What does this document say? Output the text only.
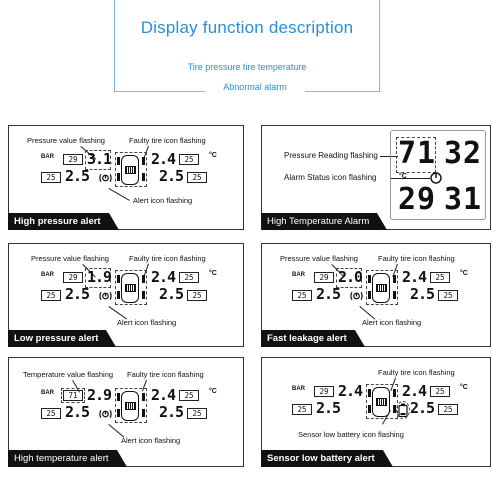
Display function description
Tire pressure tire temperature
Abnormal alarm
Pressure value flashing	Faulty tire icon flashing
BAR	29 3.1	2.4	25	°C
25 2.5	2.5	25
Alert icon flashing
High pressure alert
Pressure Reading flashing
Alarm Status icon flashing
71 32
°C
29 31
High Temperature Alarm
Pressure value flashing	Faulty tire icon flashing
BAR	29 1.9	2.4	25	°C
25 2.5	2.5	25
Alert icon flashing
Low pressure alert
Pressure value flashing	Faulty tire icon flashing
BAR	29 2.0	2.4	25	°C
25 2.5	2.5	25
Alert icon flashing
Fast leakage alert
Temperature value flashing Faulty tire icon flashing
BAR	71 2.9	2.4	25	°C
25 2.5	2.5	25
Alert icon flashing
High temperature alert
Faulty tire icon flashing
BAR	29 2.4	2.4	25	°C
25 2.5	2.5	25
Sensor low battery icon flashing
Sensor low battery alert
